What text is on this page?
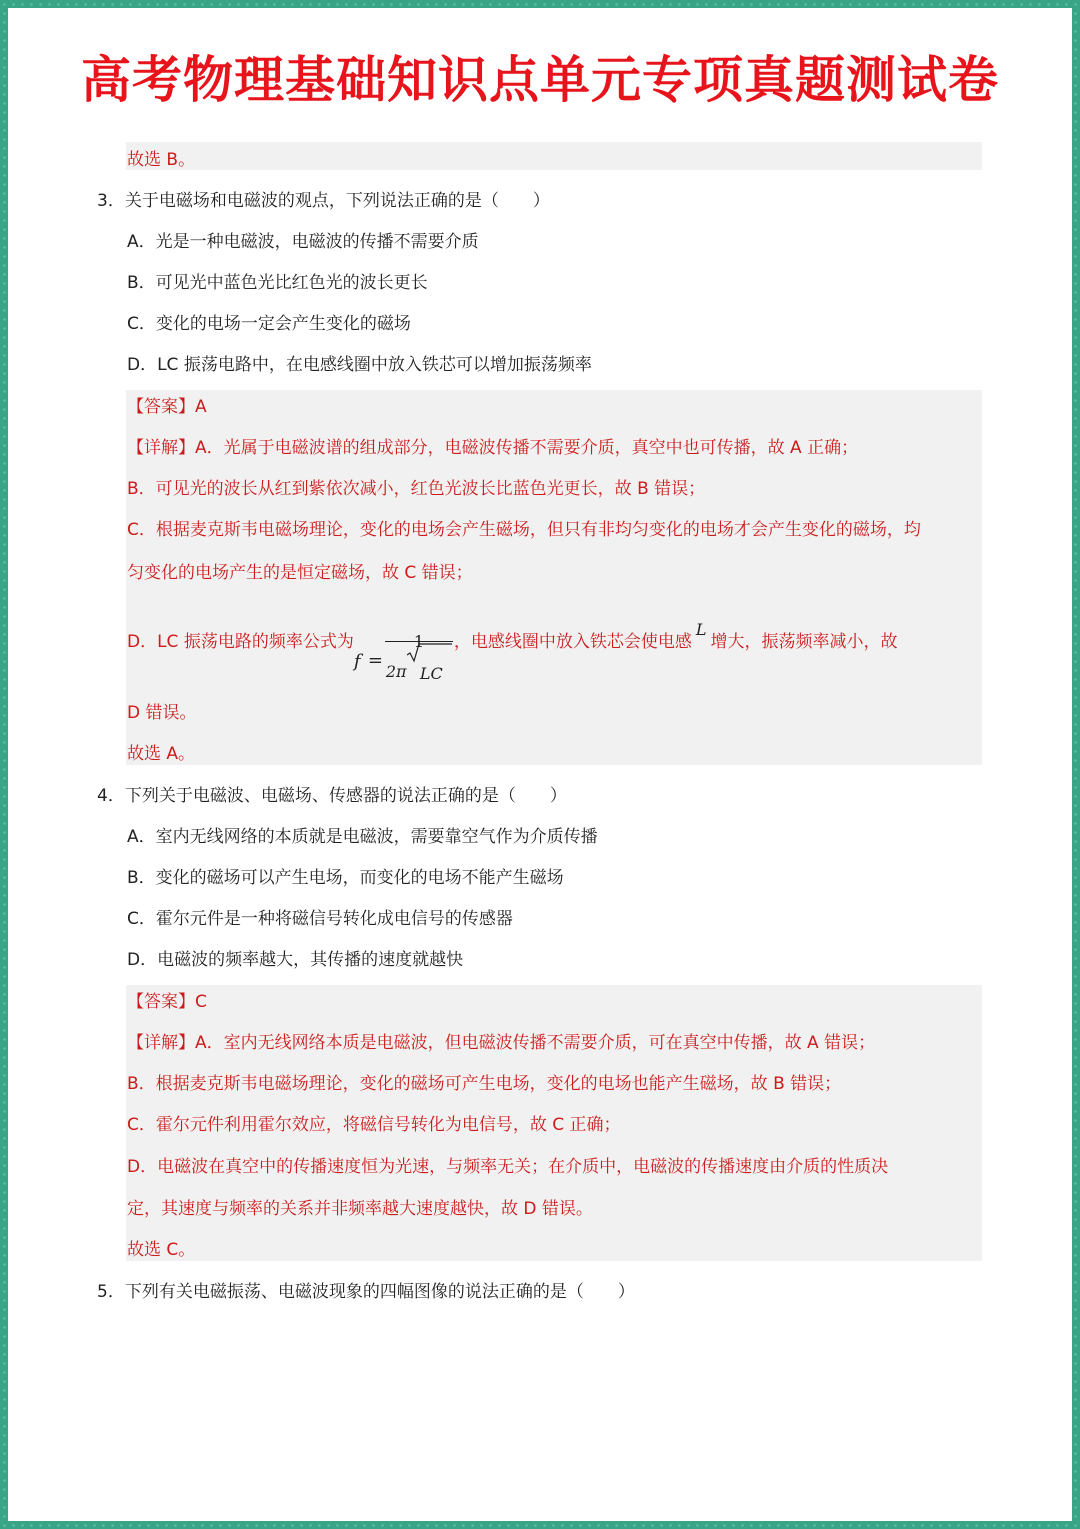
高考物理基础知识点单元专项真题测试卷
故选 B。
3．关于电磁场和电磁波的观点，下列说法正确的是（　　）
A．光是一种电磁波，电磁波的传播不需要介质
B．可见光中蓝色光比红色光的波长更长
C．变化的电场一定会产生变化的磁场
D．LC 振荡电路中，在电感线圈中放入铁芯可以增加振荡频率
【答案】A
【详解】A．光属于电磁波谱的组成部分，电磁波传播不需要介质，真空中也可传播，故 A 正确；
B．可见光的波长从红到紫依次减小，红色光波长比蓝色光更长，故 B 错误；
C．根据麦克斯韦电磁场理论，变化的电场会产生磁场，但只有非均匀变化的电场才会产生变化的磁场，均
匀变化的电场产生的是恒定磁场，故 C 错误；
D．LC 振荡电路的频率公式为
f =
2π LC
，电感线圈中放入铁芯会使电感L增大，振荡频率减小，故
D 错误。
故选 A。
4．下列关于电磁波、电磁场、传感器的说法正确的是（　　）
A．室内无线网络的本质就是电磁波，需要靠空气作为介质传播
B．变化的磁场可以产生电场，而变化的电场不能产生磁场
C．霍尔元件是一种将磁信号转化成电信号的传感器
D．电磁波的频率越大，其传播的速度就越快
【答案】C
【详解】A．室内无线网络本质是电磁波，但电磁波传播不需要介质，可在真空中传播，故 A 错误；
B．根据麦克斯韦电磁场理论，变化的磁场可产生电场，变化的电场也能产生磁场，故 B 错误；
C．霍尔元件利用霍尔效应，将磁信号转化为电信号，故 C 正确；
D．电磁波在真空中的传播速度恒为光速，与频率无关；在介质中，电磁波的传播速度由介质的性质决
定，其速度与频率的关系并非频率越大速度越快，故 D 错误。
故选 C。
5．下列有关电磁振荡、电磁波现象的四幅图像的说法正确的是（　　）
